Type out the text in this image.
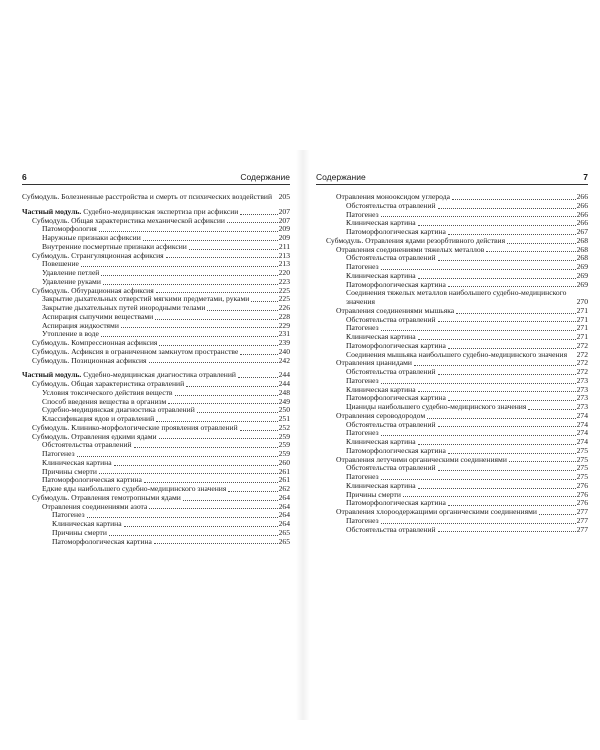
6	Содержание
Субмодуль. Болезненные расстройства и смерть от психических воздействий 205
Частный модуль. Судебно-медицинская экспертиза при асфиксии	207
Субмодуль. Общая характеристика механической асфиксии	207
Патоморфология	209
Наружные признаки асфиксии	209
Внутренние посмертные признаки асфиксии	211
Субмодуль. Странгуляционная асфиксия	213
Повешение	213
Удавление петлей	220
Удавление руками	223
Субмодуль. Обтурационная асфиксия	225
Закрытие дыхательных отверстий мягкими предметами, руками	225
Закрытие дыхательных путей инородными телами	226
Аспирация сыпучими веществами	228
Аспирация жидкостями	229
Утопление в воде	231
Субмодуль. Компрессионная асфиксия	239
Субмодуль. Асфиксия в ограниченном замкнутом пространстве	240
Субмодуль. Позиционная асфиксия	242
Частный модуль. Судебно-медицинская диагностика отравлений	244
Субмодуль. Общая характеристика отравлений	244
Условия токсического действия веществ	248
Способ введения вещества в организм	249
Судебно-медицинская диагностика отравлений	250
Классификация ядов и отравлений	251
Субмодуль. Клинико-морфологические проявления отравлений	252
Субмодуль. Отравления едкими ядами	259
Обстоятельства отравлений	259
Патогенез	259
Клиническая картина	260
Причины смерти	261
Патоморфологическая картина	261
Едкие яды наибольшего судебно-медицинского значения	262
Субмодуль. Отравления гемотропными ядами	264
Отравления соединениями азота	264
Патогенез	264
Клиническая картина	264
Причины смерти	265
Патоморфологическая картина	265
Содержание	7
Отравления монооксидом углерода	266
Обстоятельства отравлений	266
Патогенез	266
Клиническая картина	266
Патоморфологическая картина	267
Субмодуль. Отравления ядами резорбтивного действия	268
Отравления соединениями тяжелых металлов	268
Обстоятельства отравлений	268
Патогенез	269
Клиническая картина	269
Патоморфологическая картина	269
Соединения тяжелых металлов наибольшего судебно-медицинского значения	270
Отравления соединениями мышьяка	271
Обстоятельства отравлений	271
Патогенез	271
Клиническая картина	271
Патоморфологическая картина	272
Соединения мышьяка наибольшего судебно-медицинского значения 272
Отравления цианидами	272
Обстоятельства отравлений	272
Патогенез	273
Клиническая картина	273
Патоморфологическая картина	273
Цианиды наибольшего судебно-медицинского значения	273
Отравления сероводородом	274
Обстоятельства отравлений	274
Патогенез	274
Клиническая картина	274
Патоморфологическая картина	275
Отравления летучими органическими соединениями	275
Обстоятельства отравлений	275
Патогенез	275
Клиническая картина	276
Причины смерти	276
Патоморфологическая картина	276
Отравления хлороодержащими органическими соединениями	277
Патогенез	277
Обстоятельства отравлений	277
